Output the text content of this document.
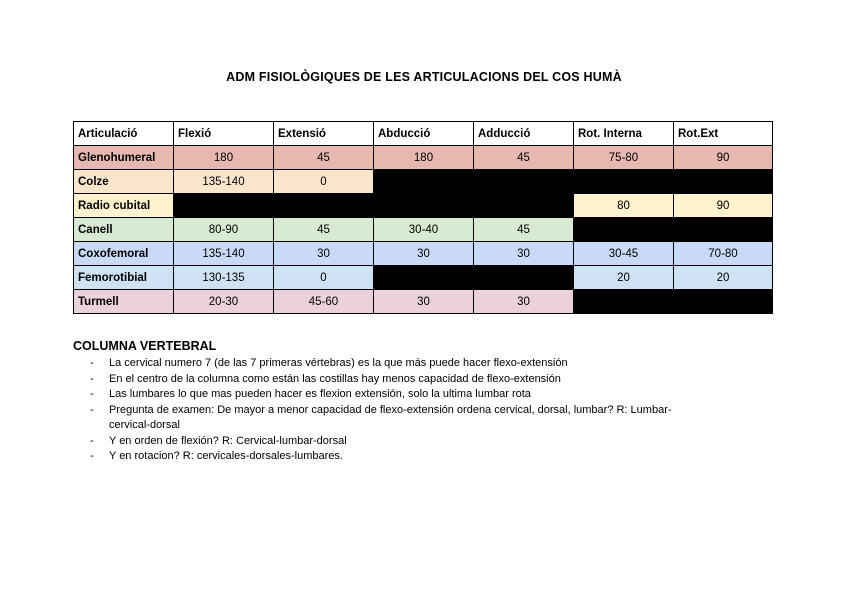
ADM FISIOLÒGIQUES DE LES ARTICULACIONS DEL COS HUMÀ
Articulació	Flexió	Extensió	Abducció	Adducció	Rot. Interna	Rot.Ext
Glenohumeral	180	45	180	45	75-80	90
Colze	135-140	0				
Radio cubital					80	90
Canell	80-90	45	30-40	45		
Coxofemoral	135-140	30	30	30	30-45	70-80
Femorotibial	130-135	0			20	20
Turmell	20-30	45-60	30	30		
COLUMNA VERTEBRAL
- La cervical numero 7 (de las 7 primeras vértebras) es la que más puede hacer flexo-extensión
- En el centro de la columna como están las costillas hay menos capacidad de flexo-extensión
- Las lumbares lo que mas pueden hacer es flexion extensión, solo la ultima lumbar rota
- Pregunta de examen: De mayor a menor capacidad de flexo-extensión ordena cervical, dorsal, lumbar? R: Lumbar-cervical-dorsal
- Y en orden de flexión? R: Cervical-lumbar-dorsal
- Y en rotacion? R: cervicales-dorsales-lumbares.
